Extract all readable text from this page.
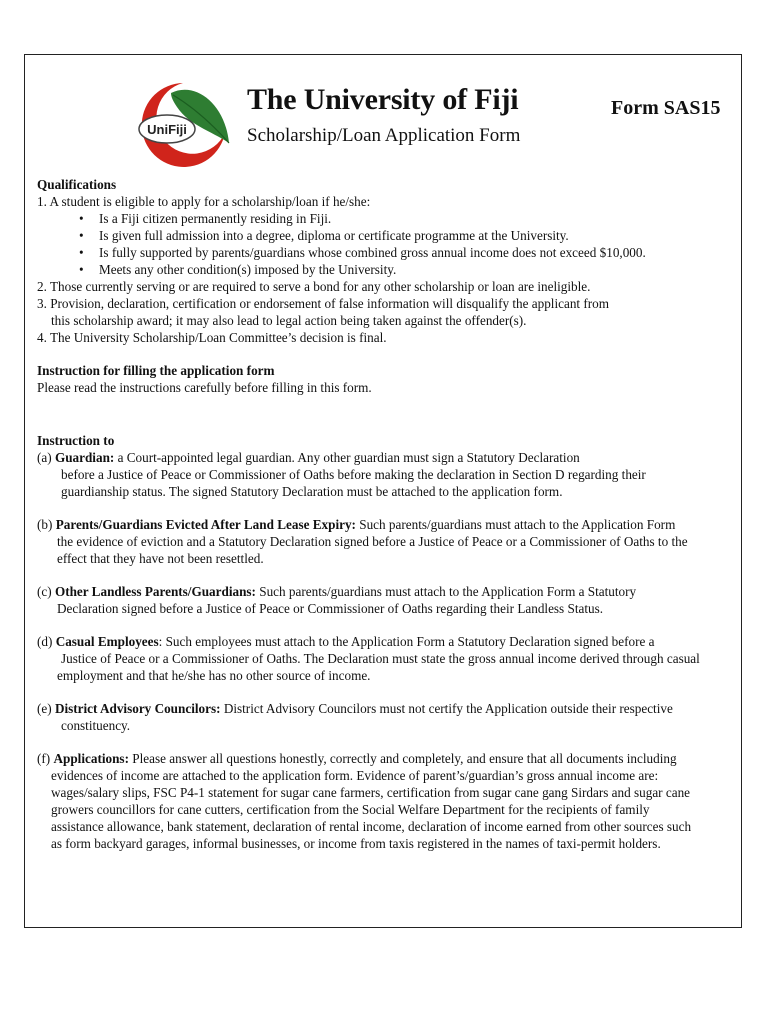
UniFiji
The University of Fiji	Form SAS15
Scholarship/Loan Application Form
Qualifications
1. A student is eligible to apply for a scholarship/loan if he/she:
• Is a Fiji citizen permanently residing in Fiji.
• Is given full admission into a degree, diploma or certificate programme at the University.
• Is fully supported by parents/guardians whose combined gross annual income does not exceed $10,000.
• Meets any other condition(s) imposed by the University.
2. Those currently serving or are required to serve a bond for any other scholarship or loan are ineligible.
3. Provision, declaration, certification or endorsement of false information will disqualify the applicant from
this scholarship award; it may also lead to legal action being taken against the offender(s).
4. The University Scholarship/Loan Committee’s decision is final.
Instruction for filling the application form
Please read the instructions carefully before filling in this form.
Instruction to
(a) Guardian: a Court-appointed legal guardian. Any other guardian must sign a Statutory Declaration
before a Justice of Peace or Commissioner of Oaths before making the declaration in Section D regarding their
guardianship status. The signed Statutory Declaration must be attached to the application form.
(b) Parents/Guardians Evicted After Land Lease Expiry: Such parents/guardians must attach to the Application Form
the evidence of eviction and a Statutory Declaration signed before a Justice of Peace or a Commissioner of Oaths to the
effect that they have not been resettled.
(c) Other Landless Parents/Guardians: Such parents/guardians must attach to the Application Form a Statutory
Declaration signed before a Justice of Peace or Commissioner of Oaths regarding their Landless Status.
(d) Casual Employees: Such employees must attach to the Application Form a Statutory Declaration signed before a
Justice of Peace or a Commissioner of Oaths. The Declaration must state the gross annual income derived through casual
employment and that he/she has no other source of income.
(e) District Advisory Councilors: District Advisory Councilors must not certify the Application outside their respective
constituency.
(f) Applications: Please answer all questions honestly, correctly and completely, and ensure that all documents including
evidences of income are attached to the application form. Evidence of parent’s/guardian’s gross annual income are:
wages/salary slips, FSC P4-1 statement for sugar cane farmers, certification from sugar cane gang Sirdars and sugar cane
growers councillors for cane cutters, certification from the Social Welfare Department for the recipients of family
assistance allowance, bank statement, declaration of rental income, declaration of income earned from other sources such
as form backyard garages, informal businesses, or income from taxis registered in the names of taxi-permit holders.
